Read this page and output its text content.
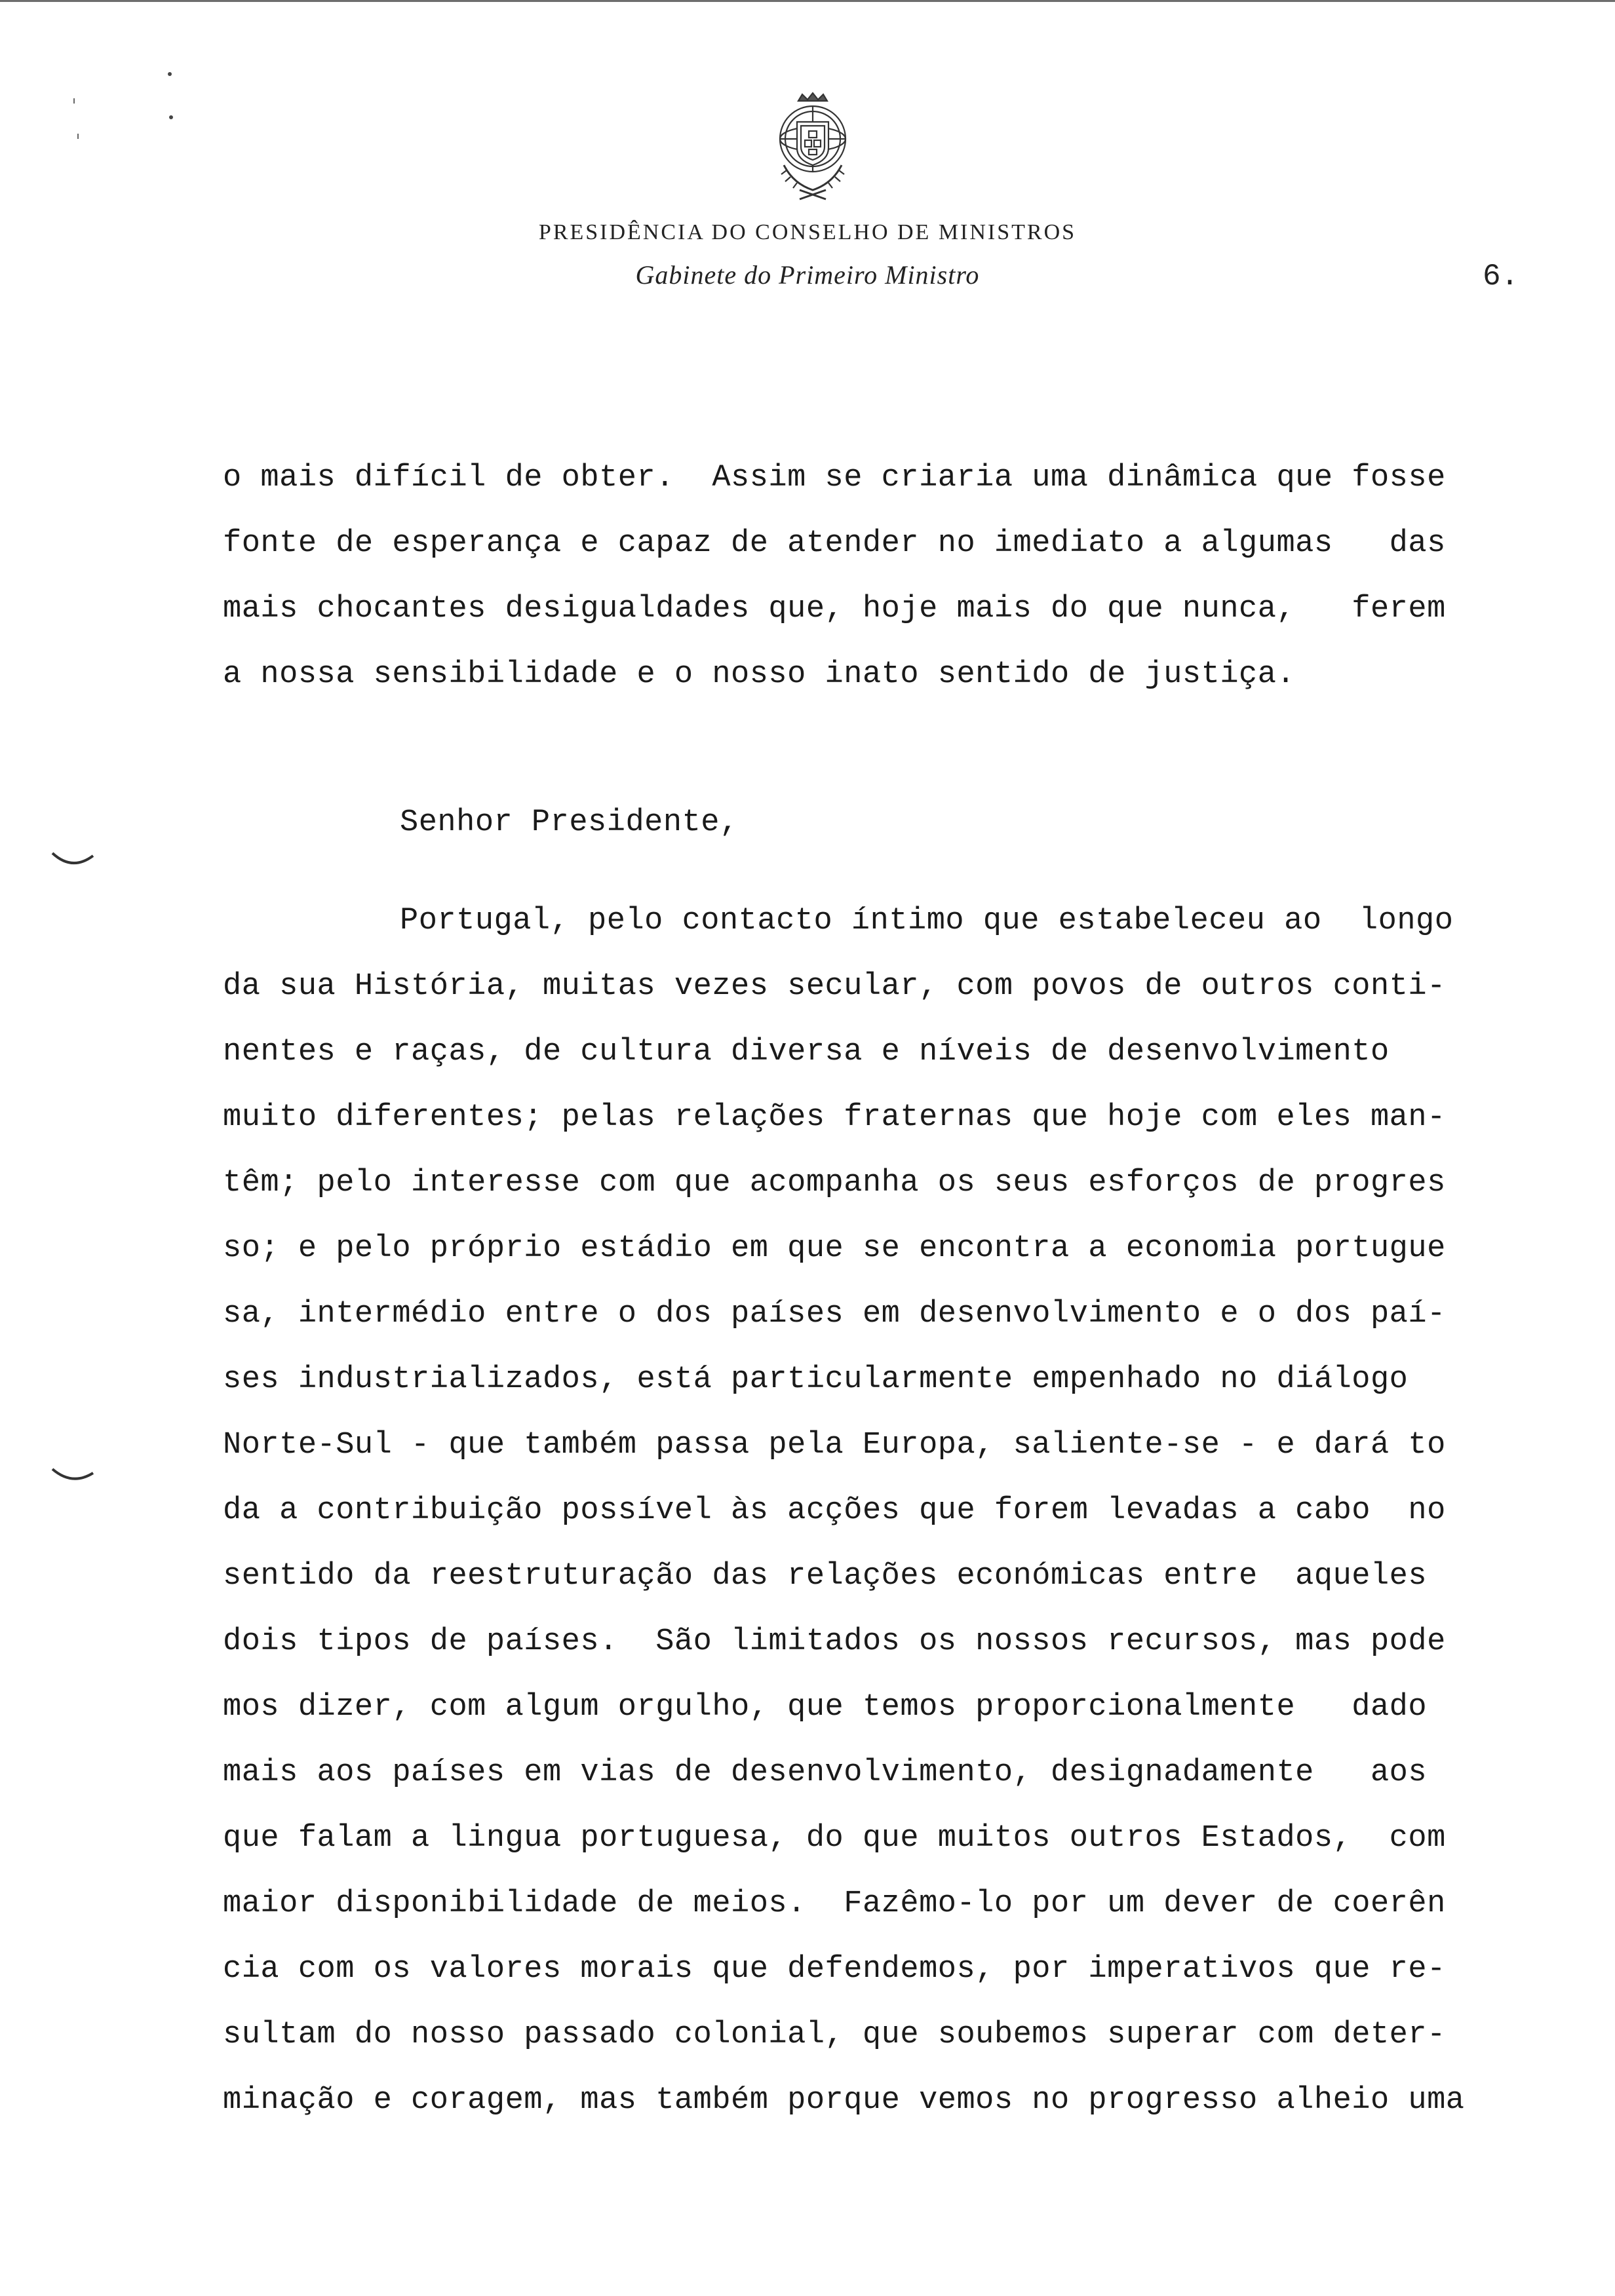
PRESIDÊNCIA DO CONSELHO DE MINISTROS
Gabinete do Primeiro Ministro	6.
o mais difícil de obter.  Assim se criaria uma dinâmica que fosse
fonte de esperança e capaz de atender no imediato a algumas   das
mais chocantes desigualdades que, hoje mais do que nunca,   ferem
a nossa sensibilidade e o nosso inato sentido de justiça.
Senhor Presidente,
Portugal, pelo contacto íntimo que estabeleceu ao  longo
da sua História, muitas vezes secular, com povos de outros conti-
nentes e raças, de cultura diversa e níveis de desenvolvimento
muito diferentes; pelas relações fraternas que hoje com eles man-
têm; pelo interesse com que acompanha os seus esforços de progres
so; e pelo próprio estádio em que se encontra a economia portugue
sa, intermédio entre o dos países em desenvolvimento e o dos paí-
ses industrializados, está particularmente empenhado no diálogo
Norte-Sul - que também passa pela Europa, saliente-se - e dará to
da a contribuição possível às acções que forem levadas a cabo  no
sentido da reestruturação das relações económicas entre  aqueles
dois tipos de países.  São limitados os nossos recursos, mas pode
mos dizer, com algum orgulho, que temos proporcionalmente   dado
mais aos países em vias de desenvolvimento, designadamente   aos
que falam a lingua portuguesa, do que muitos outros Estados,  com
maior disponibilidade de meios.  Fazêmo-lo por um dever de coerên
cia com os valores morais que defendemos, por imperativos que re-
sultam do nosso passado colonial, que soubemos superar com deter-
minação e coragem, mas também porque vemos no progresso alheio uma
